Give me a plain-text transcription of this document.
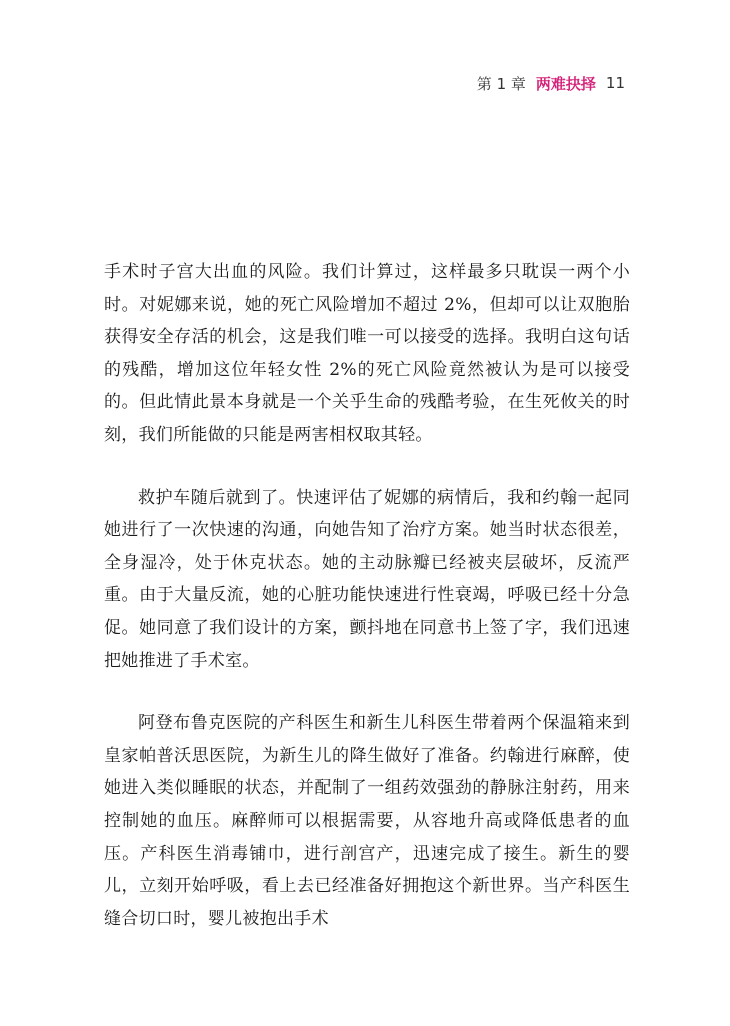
第 1 章 两难抉择 11

手术时子宫大出血的风险。我们计算过，这样最多只耽误一两个小时。对妮娜来说，她的死亡风险增加不超过 2%，但却可以让双胞胎获得安全存活的机会，这是我们唯一可以接受的选择。我明白这句话的残酷，增加这位年轻女性 2%的死亡风险竟然被认为是可以接受的。但此情此景本身就是一个关乎生命的残酷考验，在生死攸关的时刻，我们所能做的只能是两害相权取其轻。

救护车随后就到了。快速评估了妮娜的病情后，我和约翰一起同她进行了一次快速的沟通，向她告知了治疗方案。她当时状态很差，全身湿冷，处于休克状态。她的主动脉瓣已经被夹层破坏，反流严重。由于大量反流，她的心脏功能快速进行性衰竭，呼吸已经十分急促。她同意了我们设计的方案，颤抖地在同意书上签了字，我们迅速把她推进了手术室。

阿登布鲁克医院的产科医生和新生儿科医生带着两个保温箱来到皇家帕普沃思医院，为新生儿的降生做好了准备。约翰进行麻醉，使她进入类似睡眠的状态，并配制了一组药效强劲的静脉注射药，用来控制她的血压。麻醉师可以根据需要，从容地升高或降低患者的血压。产科医生消毒铺巾，进行剖宫产，迅速完成了接生。新生的婴儿，立刻开始呼吸，看上去已经准备好拥抱这个新世界。当产科医生缝合切口时，婴儿被抱出手术
